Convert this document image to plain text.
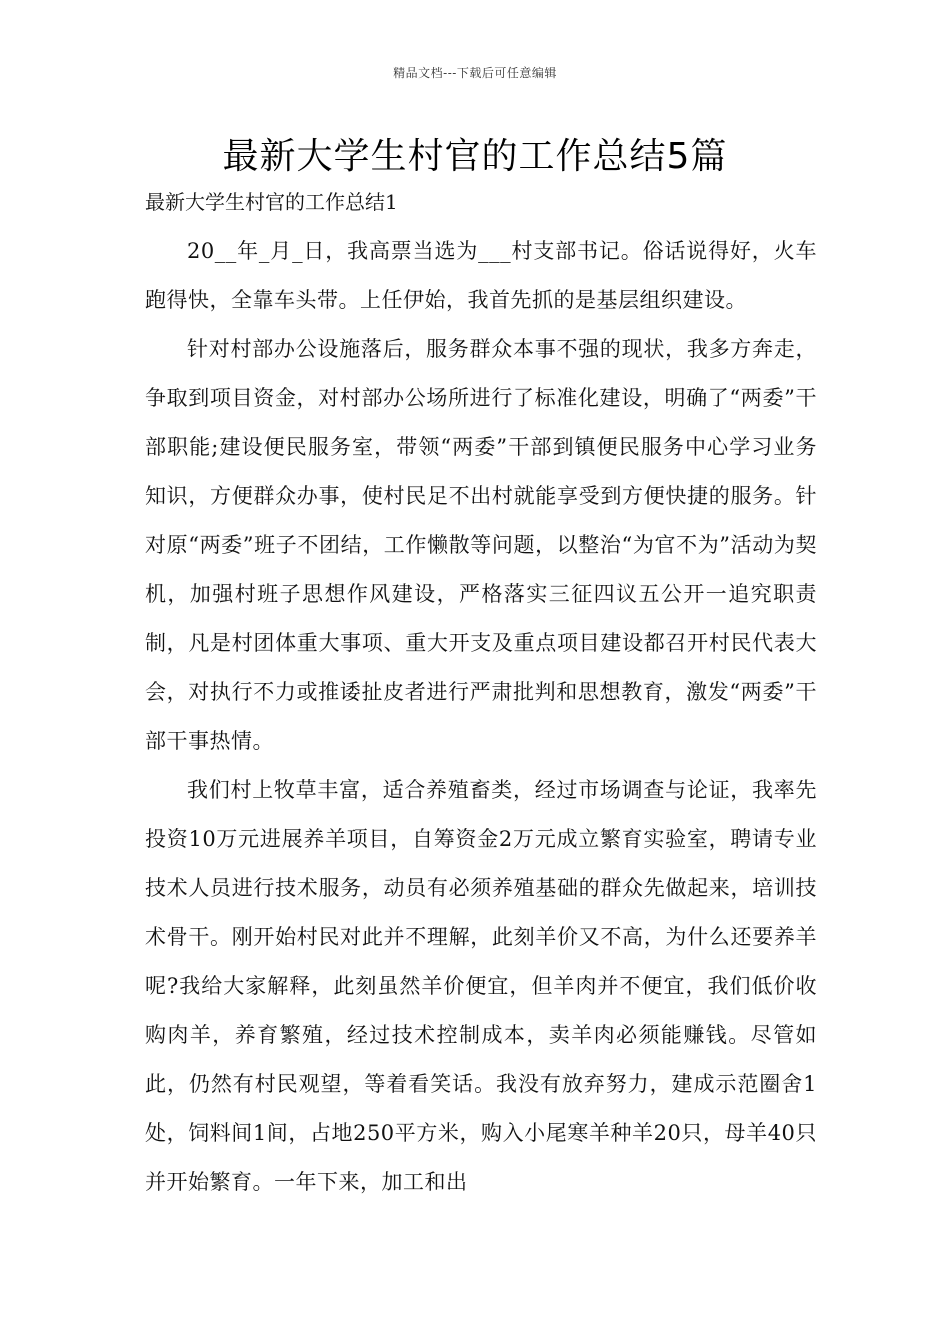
精品文档---下载后可任意编辑
最新大学生村官的工作总结5篇
最新大学生村官的工作总结1

20__年_月_日，我高票当选为___村支部书记。俗话说得好，火车跑得快，全靠车头带。上任伊始，我首先抓的是基层组织建设。

针对村部办公设施落后，服务群众本事不强的现状，我多方奔走，争取到项目资金，对村部办公场所进行了标准化建设，明确了“两委”干部职能;建设便民服务室，带领“两委”干部到镇便民服务中心学习业务知识，方便群众办事，使村民足不出村就能享受到方便快捷的服务。针对原“两委”班子不团结，工作懒散等问题，以整治“为官不为”活动为契机，加强村班子思想作风建设，严格落实三征四议五公开一追究职责制，凡是村团体重大事项、重大开支及重点项目建设都召开村民代表大会，对执行不力或推诿扯皮者进行严肃批判和思想教育，激发“两委”干部干事热情。

我们村上牧草丰富，适合养殖畜类，经过市场调查与论证，我率先投资10万元进展养羊项目，自筹资金2万元成立繁育实验室，聘请专业技术人员进行技术服务，动员有必须养殖基础的群众先做起来，培训技术骨干。刚开始村民对此并不理解，此刻羊价又不高，为什么还要养羊呢?我给大家解释，此刻虽然羊价便宜，但羊肉并不便宜，我们低价收购肉羊，养育繁殖，经过技术控制成本，卖羊肉必须能赚钱。尽管如此，仍然有村民观望，等着看笑话。我没有放弃努力，建成示范圈舍1处，饲料间1间，占地250平方米，购入小尾寒羊种羊20只，母羊40只并开始繁育。一年下来，加工和出
